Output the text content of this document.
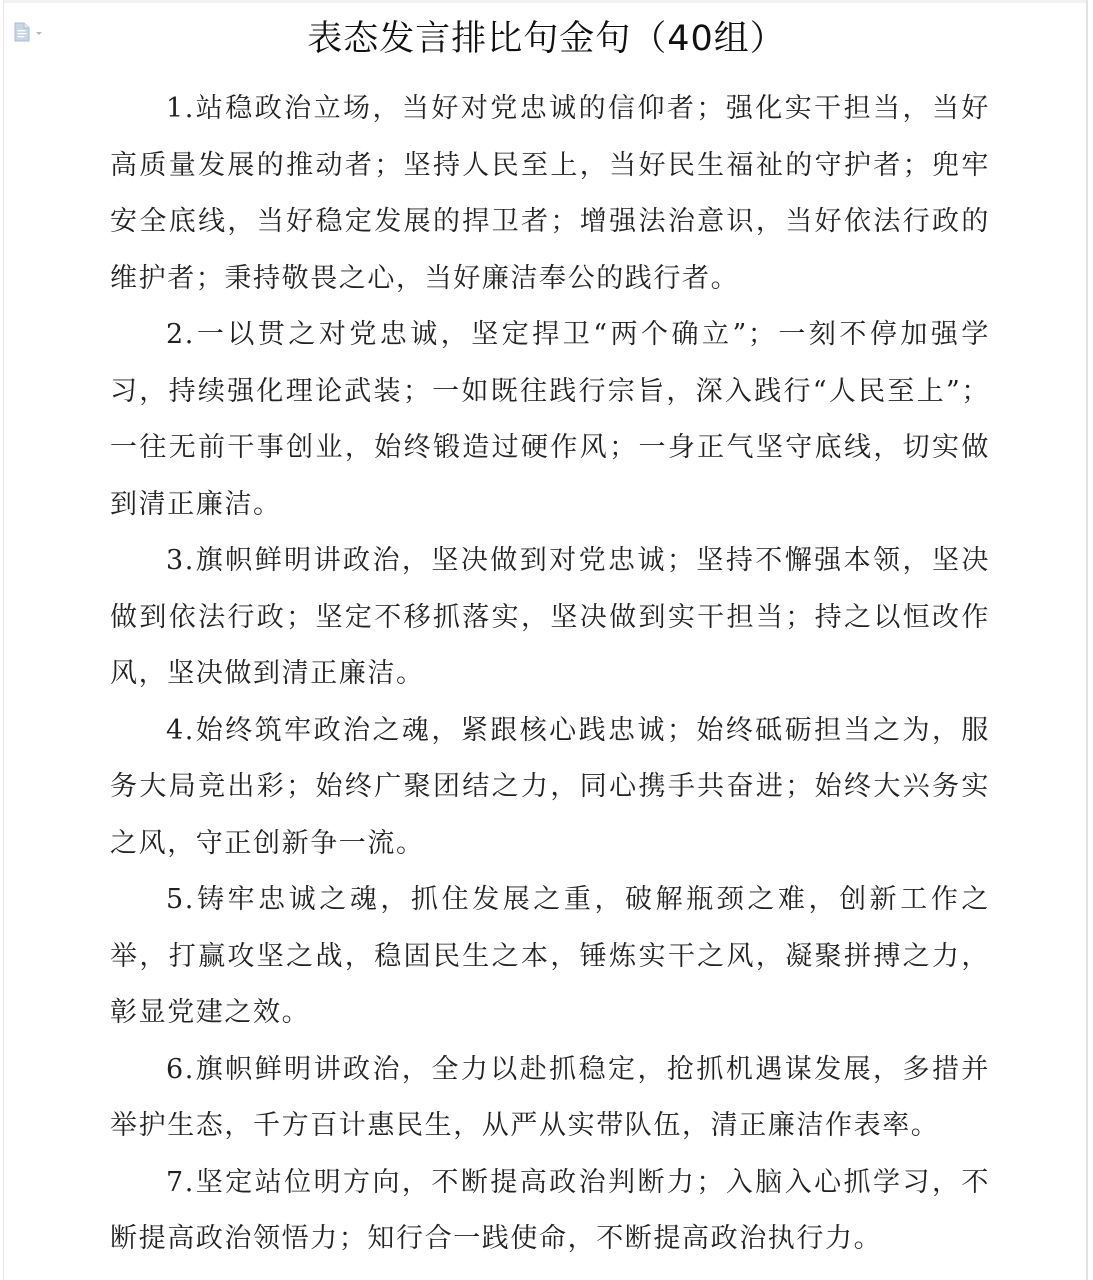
表态发言排比句金句（40组）

1.站稳政治立场，当好对党忠诚的信仰者；强化实干担当，当好高质量发展的推动者；坚持人民至上，当好民生福祉的守护者；兜牢安全底线，当好稳定发展的捍卫者；增强法治意识，当好依法行政的维护者；秉持敬畏之心，当好廉洁奉公的践行者。

2.一以贯之对党忠诚，坚定捍卫“两个确立”；一刻不停加强学习，持续强化理论武装；一如既往践行宗旨，深入践行“人民至上”；一往无前干事创业，始终锻造过硬作风；一身正气坚守底线，切实做到清正廉洁。

3.旗帜鲜明讲政治，坚决做到对党忠诚；坚持不懈强本领，坚决做到依法行政；坚定不移抓落实，坚决做到实干担当；持之以恒改作风，坚决做到清正廉洁。

4.始终筑牢政治之魂，紧跟核心践忠诚；始终砥砺担当之为，服务大局竞出彩；始终广聚团结之力，同心携手共奋进；始终大兴务实之风，守正创新争一流。

5.铸牢忠诚之魂，抓住发展之重，破解瓶颈之难，创新工作之举，打赢攻坚之战，稳固民生之本，锤炼实干之风，凝聚拼搏之力，彰显党建之效。

6.旗帜鲜明讲政治，全力以赴抓稳定，抢抓机遇谋发展，多措并举护生态，千方百计惠民生，从严从实带队伍，清正廉洁作表率。

7.坚定站位明方向，不断提高政治判断力；入脑入心抓学习，不断提高政治领悟力；知行合一践使命，不断提高政治执行力。
